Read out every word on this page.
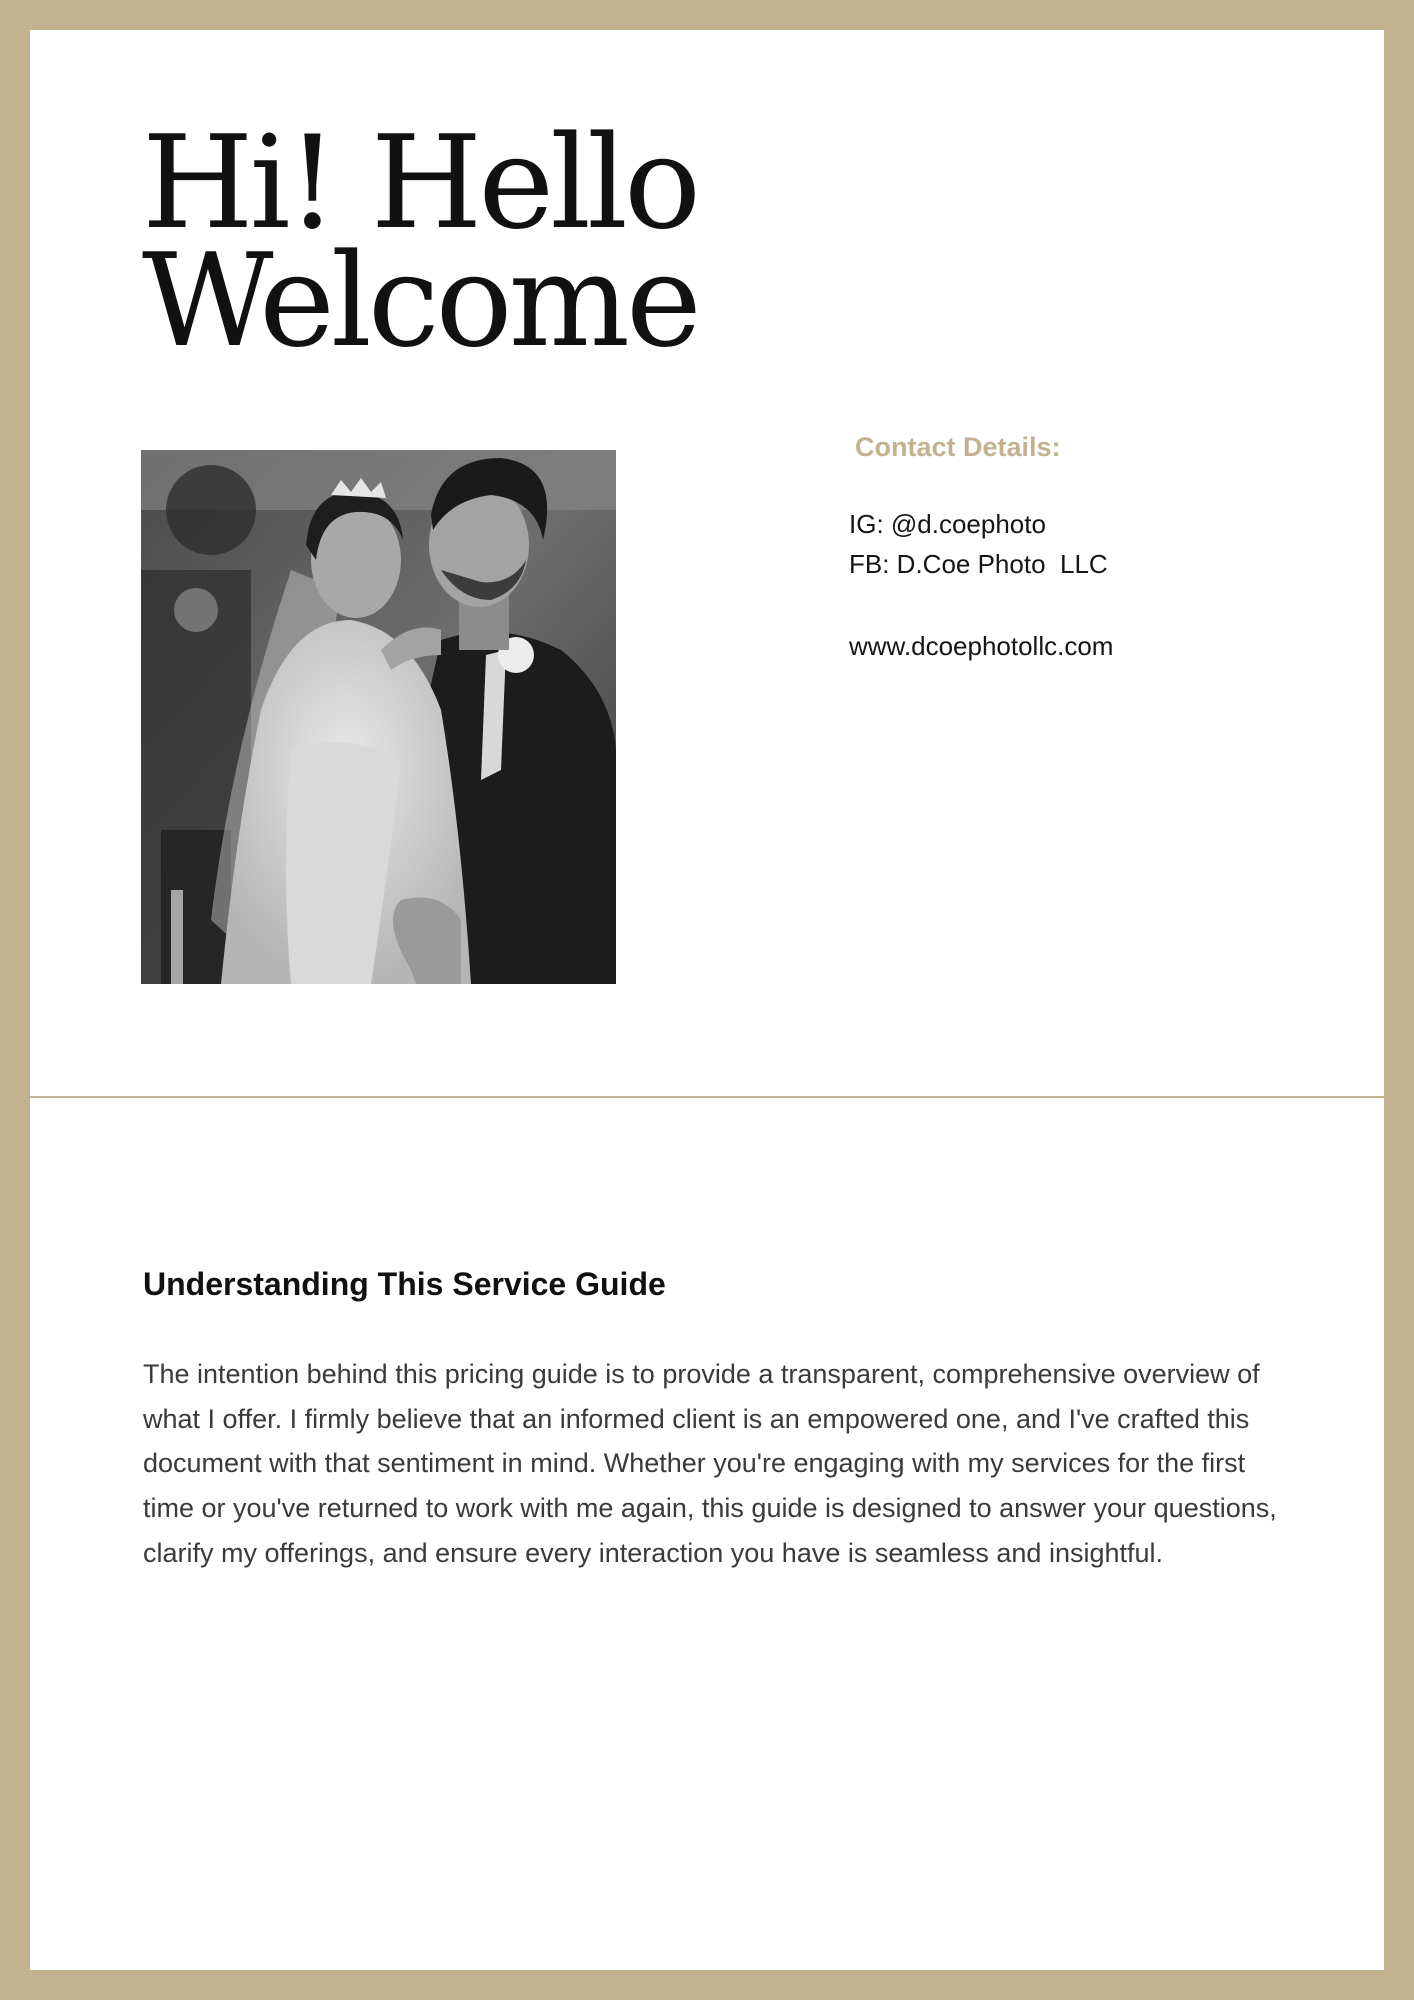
Hi! Hello
Welcome
Contact Details:
IG: @d.coephoto
FB: D.Coe Photo  LLC
www.dcoephotollc.com
Understanding This Service Guide

The intention behind this pricing guide is to provide a transparent, comprehensive overview of what I offer. I firmly believe that an informed client is an empowered one, and I've crafted this document with that sentiment in mind. Whether you're engaging with my services for the first time or you've returned to work with me again, this guide is designed to answer your questions, clarify my offerings, and ensure every interaction you have is seamless and insightful.
